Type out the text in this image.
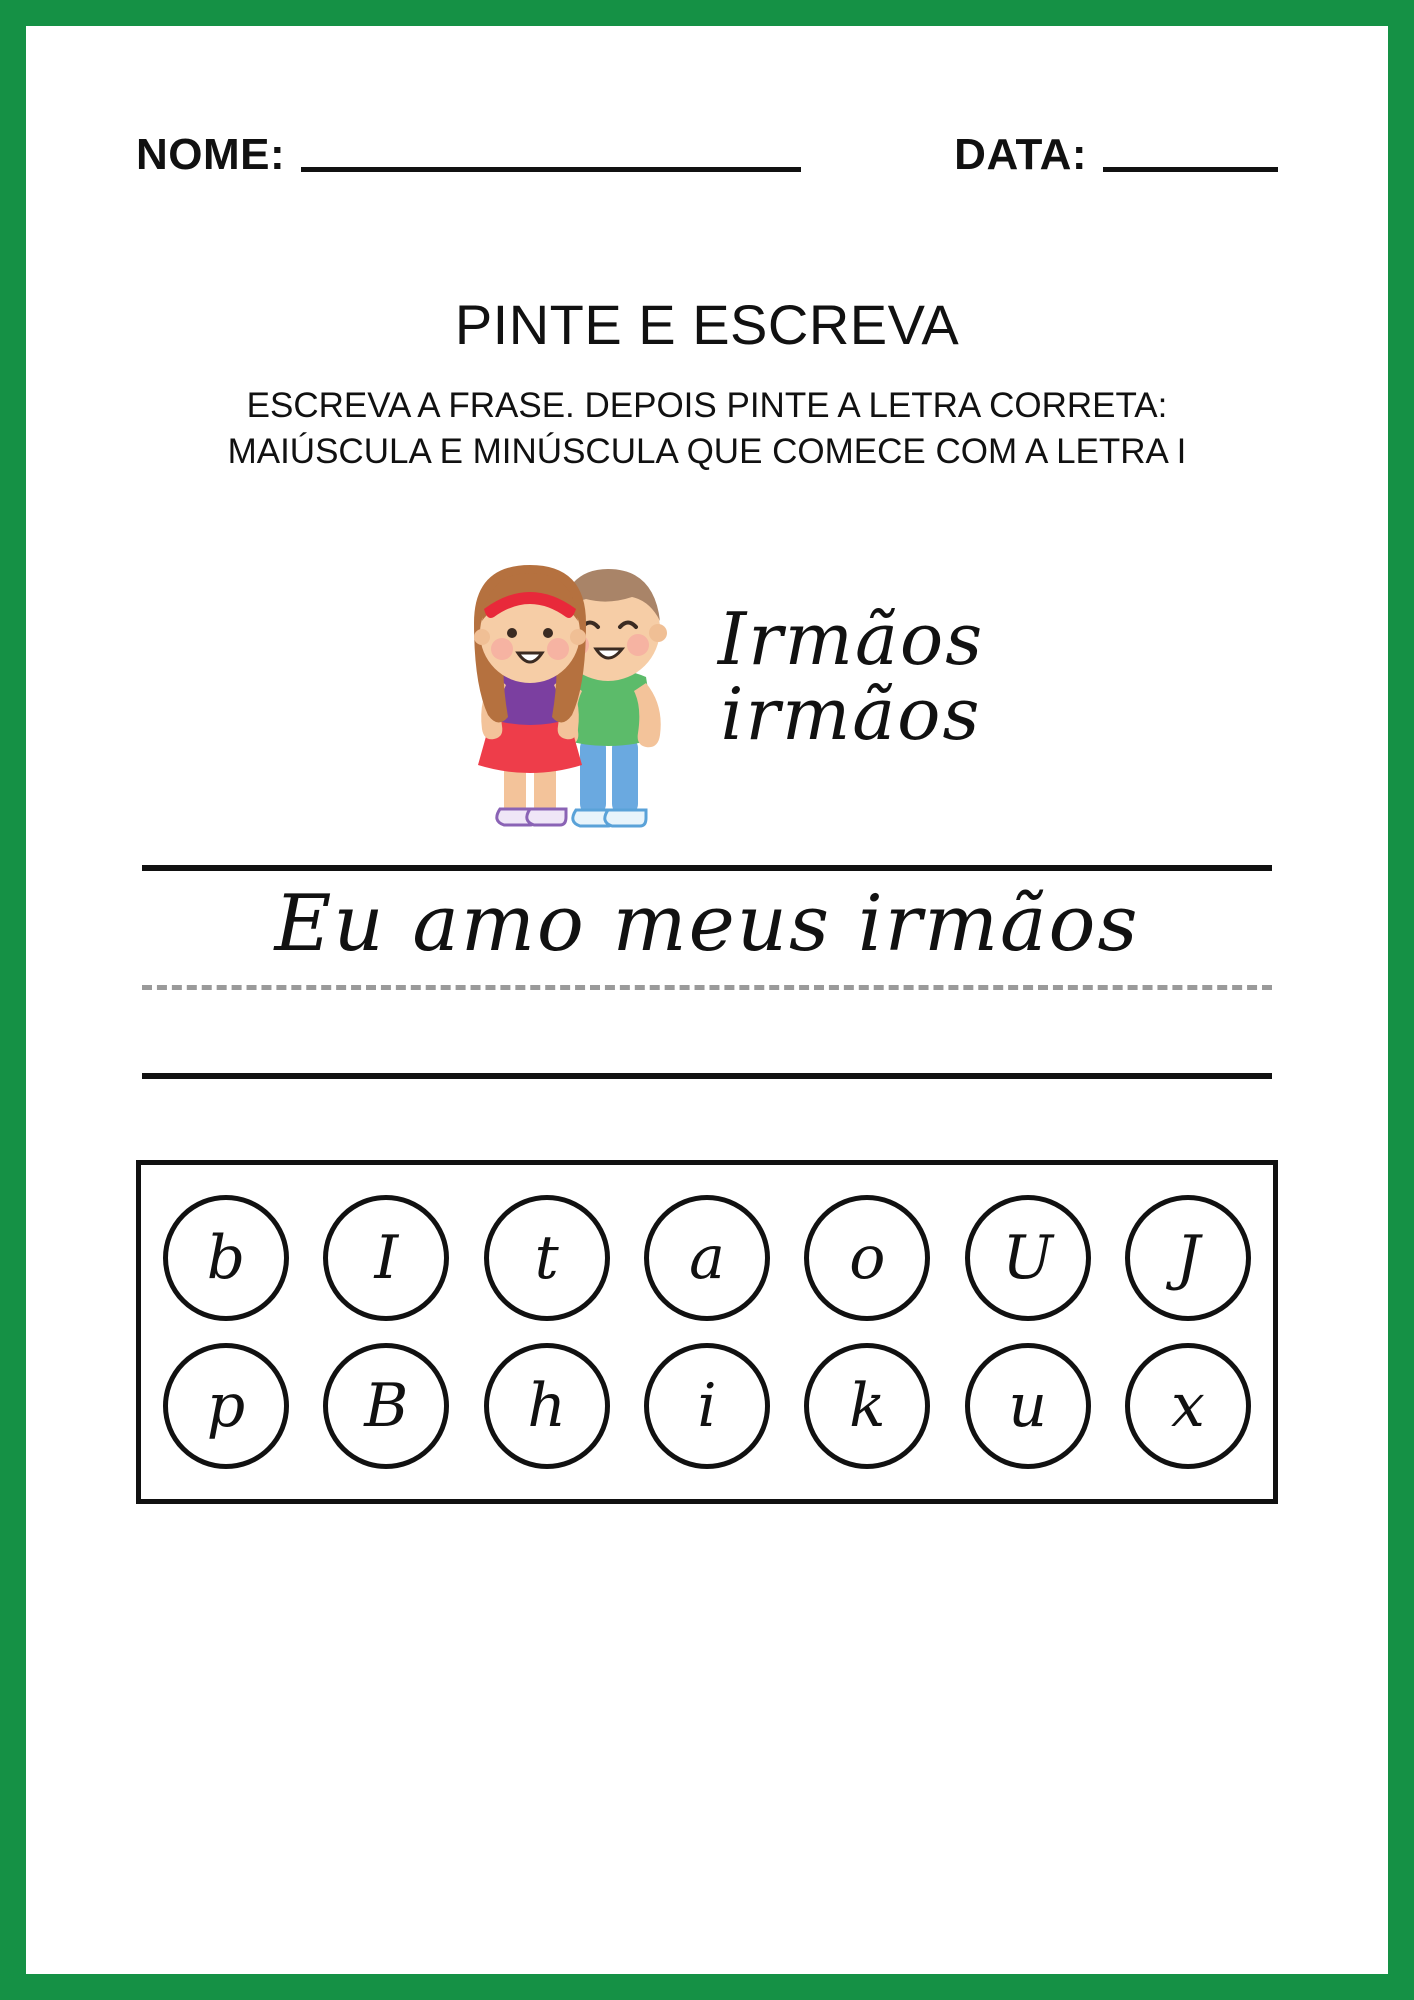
NOME:	DATA:
PINTE E ESCREVA
ESCREVA A FRASE. DEPOIS PINTE A LETRA CORRETA: MAIÚSCULA E MINÚSCULA QUE COMECE COM A LETRA I
Irmãos
irmãos
Eu amo meus irmãos
b	I	t	a	o	U	J
p	B	h	i	k	u	x
